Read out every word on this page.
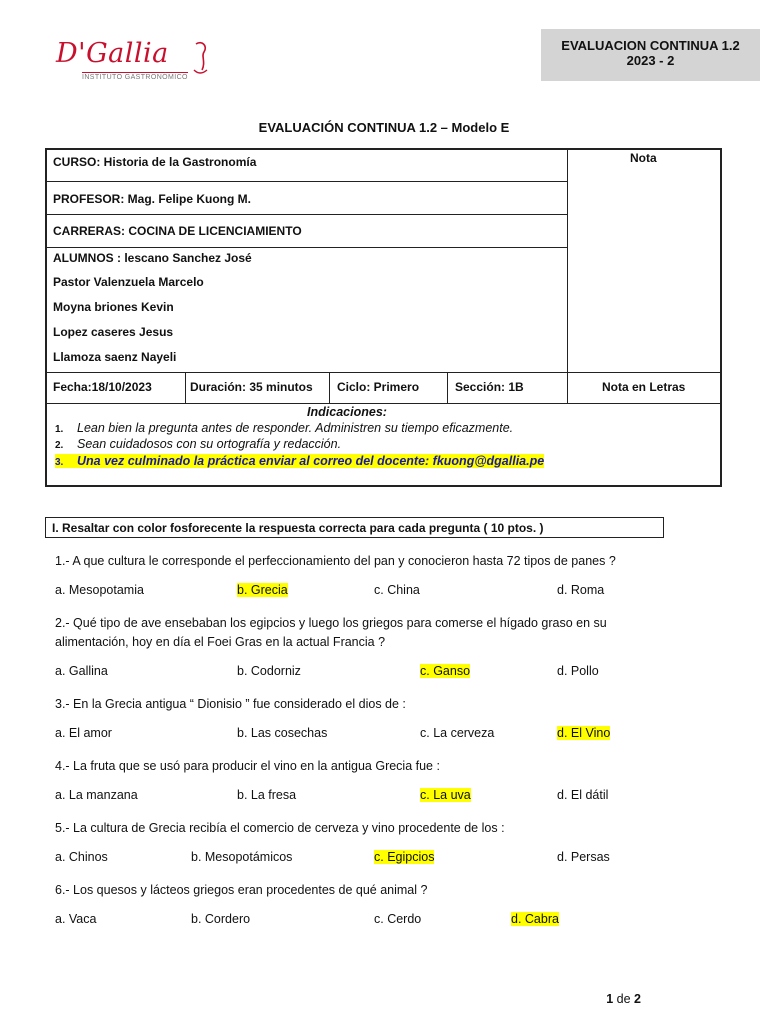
D'Gallia
INSTITUTO GASTRONÓMICO
EVALUACION CONTINUA 1.2
2023 - 2
EVALUACIÓN CONTINUA 1.2 – Modelo E
CURSO: Historia de la Gastronomía
PROFESOR: Mag. Felipe Kuong M.
CARRERAS: COCINA DE LICENCIAMIENTO
Nota
ALUMNOS : lescano Sanchez José
Pastor Valenzuela Marcelo
Moyna briones Kevin
Lopez caseres Jesus
Llamoza saenz Nayeli
Fecha:18/10/2023	Duración: 35 minutos Ciclo: Primero	Sección: 1B	Nota en Letras
Indicaciones:
1. Lean bien la pregunta antes de responder. Administren su tiempo eficazmente.
2. Sean cuidadosos con su ortografía y redacción.
3. Una vez culminado la práctica enviar al correo del docente: fkuong@dgallia.pe
I. Resaltar con color fosforecente la respuesta correcta para cada pregunta ( 10 ptos. )
1.- A que cultura le corresponde el perfeccionamiento del pan y conocieron hasta 72 tipos de panes ?
a. Mesopotamia	b. Grecia	c. China	d. Roma
2.- Qué tipo de ave ensebaban los egipcios y luego los griegos para comerse el hígado graso en su alimentación, hoy en día el Foei Gras en la actual Francia ?
a. Gallina	b. Codorniz	c. Ganso	d. Pollo
3.- En la Grecia antigua “ Dionisio ” fue considerado el dios de :
a. El amor	b. Las cosechas	c. La cerveza	d. El Vino
4.- La fruta que se usó para producir el vino en la antigua Grecia fue :
a. La manzana	b. La fresa	c. La uva	d. El dátil
5.- La cultura de Grecia recibía el comercio de cerveza y vino procedente de los :
a. Chinos	b. Mesopotámicos	c. Egipcios	d. Persas
6.- Los quesos y lácteos griegos eran procedentes de qué animal ?
a. Vaca	b. Cordero	c. Cerdo	d. Cabra
1 de 2
